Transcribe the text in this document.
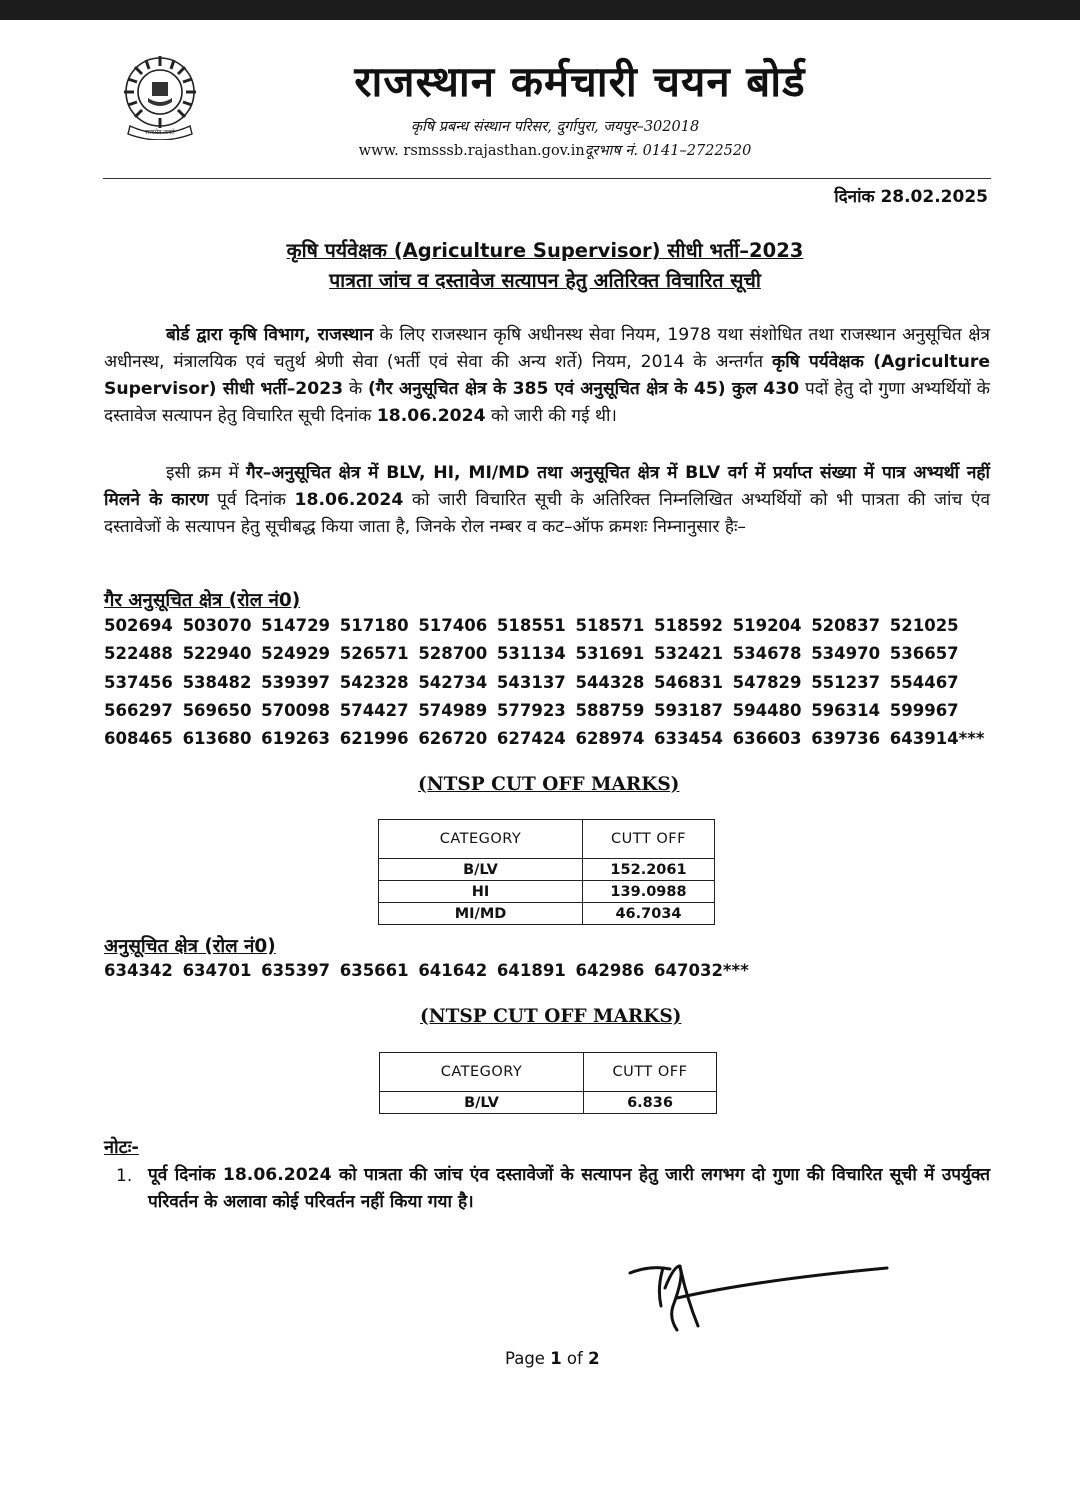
सत्यमेव जयते
राजस्थान कर्मचारी चयन बोर्ड
कृषि प्रबन्ध संस्थान परिसर, दुर्गापुरा, जयपुर–302018
www. rsmsssb.rajasthan.gov.inदूरभाष नं. 0141–2722520
दिनांक 28.02.2025
कृषि पर्यवेक्षक (Agriculture Supervisor) सीधी भर्ती–2023
पात्रता जांच व दस्तावेज सत्यापन हेतु अतिरिक्त विचारित सूची
बोर्ड द्वारा कृषि विभाग, राजस्थान के लिए राजस्थान कृषि अधीनस्थ सेवा नियम, 1978 यथा संशोधित तथा राजस्थान अनुसूचित क्षेत्र अधीनस्थ, मंत्रालयिक एवं चतुर्थ श्रेणी सेवा (भर्ती एवं सेवा की अन्य शर्ते) नियम, 2014 के अन्तर्गत कृषि पर्यवेक्षक (Agriculture Supervisor) सीधी भर्ती–2023 के (गैर अनुसूचित क्षेत्र के 385 एवं अनुसूचित क्षेत्र के 45) कुल 430 पदों हेतु दो गुणा अभ्यर्थियों के दस्तावेज सत्यापन हेतु विचारित सूची दिनांक 18.06.2024 को जारी की गई थी।
इसी क्रम में गैर–अनुसूचित क्षेत्र में BLV, HI, MI/MD तथा अनुसूचित क्षेत्र में BLV वर्ग में प्रर्याप्त संख्या में पात्र अभ्यर्थी नहीं मिलने के कारण पूर्व दिनांक 18.06.2024 को जारी विचारित सूची के अतिरिक्त निम्नलिखित अभ्यर्थियों को भी पात्रता की जांच एंव दस्तावेजों के सत्यापन हेतु सूचीबद्ध किया जाता है, जिनके रोल नम्बर व कट–ऑफ क्रमशः निम्नानुसार हैः–
गैर अनुसूचित क्षेत्र (रोल नं0)
502694 503070 514729 517180 517406 518551 518571 518592 519204 520837 521025
522488 522940 524929 526571 528700 531134 531691 532421 534678 534970 536657
537456 538482 539397 542328 542734 543137 544328 546831 547829 551237 554467
566297 569650 570098 574427 574989 577923 588759 593187 594480 596314 599967
608465 613680 619263 621996 626720 627424 628974 633454 636603 639736 643914***
(NTSP CUT OFF MARKS)
CATEGORY	CUTT OFF
B/LV	152.2061
HI	139.0988
MI/MD	46.7034
अनुसूचित क्षेत्र (रोल नं0)
634342 634701 635397 635661 641642 641891 642986 647032***
(NTSP CUT OFF MARKS)
CATEGORY	CUTT OFF
B/LV	6.836
नोटः-
1. पूर्व दिनांक 18.06.2024 को पात्रता की जांच एंव दस्तावेजों के सत्यापन हेतु जारी लगभग दो गुणा की विचारित सूची में उपर्युक्त परिवर्तन के अलावा कोई परिवर्तन नहीं किया गया है।
Page 1 of 2
